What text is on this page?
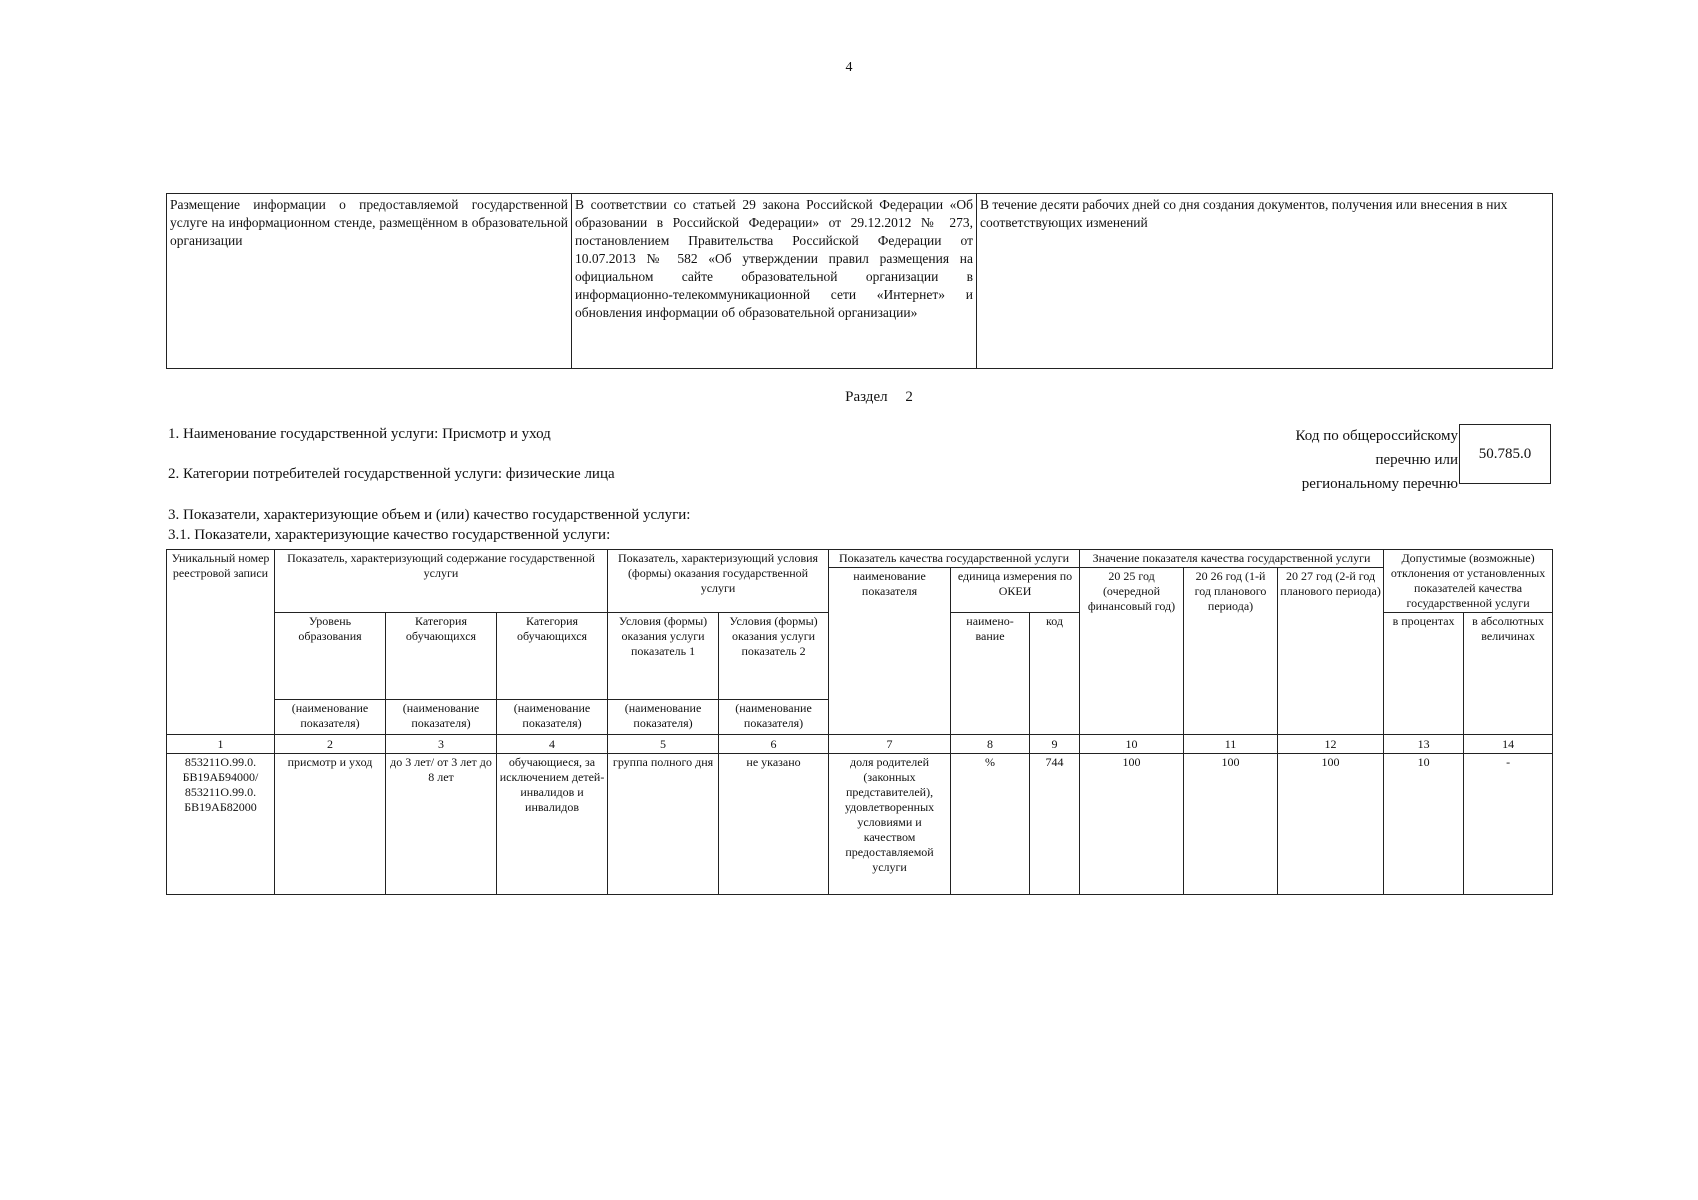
4
Размещение информации о предоставляемой государственной услуге на информационном стенде, размещённом в образовательной организации	В соответствии со статьей 29 закона Российской Федерации «Об образовании в Российской Федерации» от 29.12.2012 № 273, постановлением Правительства Российской Федерации от 10.07.2013 № 582 «Об утверждении правил размещения на официальном сайте образовательной организации в информационно-телекоммуникационной сети «Интернет» и обновления информации об образовательной организации»	В течение десяти рабочих дней со дня создания документов, получения или внесения в них соответствующих изменений
Раздел 2
1. Наименование государственной услуги: Присмотр и уход
2. Категории потребителей государственной услуги: физические лица
Код по общероссийскому
перечню или
региональному перечню
50.785.0
3. Показатели, характеризующие объем и (или) качество государственной услуги:
3.1. Показатели, характеризующие качество государственной услуги:
Уникальный номер реестровой записи	Показатель, характеризующий содержание государственной услуги			Показатель, характеризующий условия (формы) оказания государственной услуги		Показатель качества государственной услуги			Значение показателя качества государственной услуги			Допустимые (возможные) отклонения от установленных показателей качества государственной услуги	
						наименование показателя	единица измерения по ОКЕИ		20 25 год (очередной финансовый год)	20 26 год (1-й год планового периода)	20 27 год (2-й год планового периода)		
	Уровень образования	Категория обучающихся	Категория обучающихся	Условия (формы) оказания услуги показатель 1	Условия (формы) оказания услуги показатель 2		наимено-вание	код				в процентах	в абсолютных величинах
	(наименование показателя)	(наименование показателя)	(наименование показателя)	(наименование показателя)	(наименование показателя)								
1	2	3	4	5	6	7	8	9	10	11	12	13	14
853211О.99.0. БВ19АБ94000/ 853211О.99.0. БВ19АБ82000	присмотр и уход	до 3 лет/ от 3 лет до 8 лет	обучающиеся, за исключением детей-инвалидов и инвалидов	группа полного дня	не указано	доля родителей (законных представителей), удовлетворенных условиями и качеством предоставляемой услуги	%	744	100	100	100	10	-
